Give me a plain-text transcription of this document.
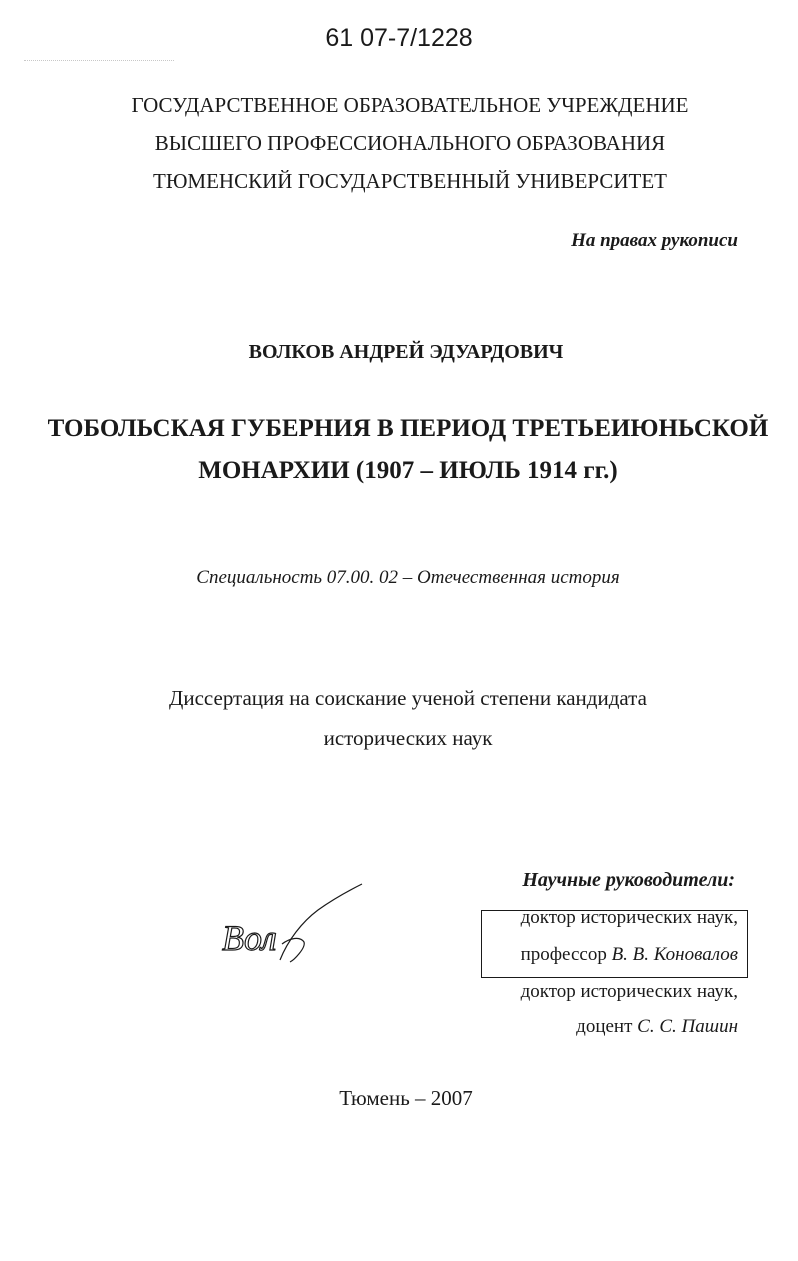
61 07-7/1228
ГОСУДАРСТВЕННОЕ ОБРАЗОВАТЕЛЬНОЕ УЧРЕЖДЕНИЕ
ВЫСШЕГО ПРОФЕССИОНАЛЬНОГО ОБРАЗОВАНИЯ
ТЮМЕНСКИЙ ГОСУДАРСТВЕННЫЙ УНИВЕРСИТЕТ
На правах рукописи
ВОЛКОВ АНДРЕЙ ЭДУАРДОВИЧ
ТОБОЛЬСКАЯ ГУБЕРНИЯ В ПЕРИОД ТРЕТЬЕИЮНЬСКОЙ
МОНАРХИИ (1907 – ИЮЛЬ 1914 гг.)
Специальность 07.00. 02 – Отечественная история
Диссертация на соискание ученой степени кандидата
исторических наук
Вол
Научные руководители:
доктор исторических наук,
профессор В. В. Коновалов
доктор исторических наук,
доцент С. С. Пашин
Тюмень – 2007
